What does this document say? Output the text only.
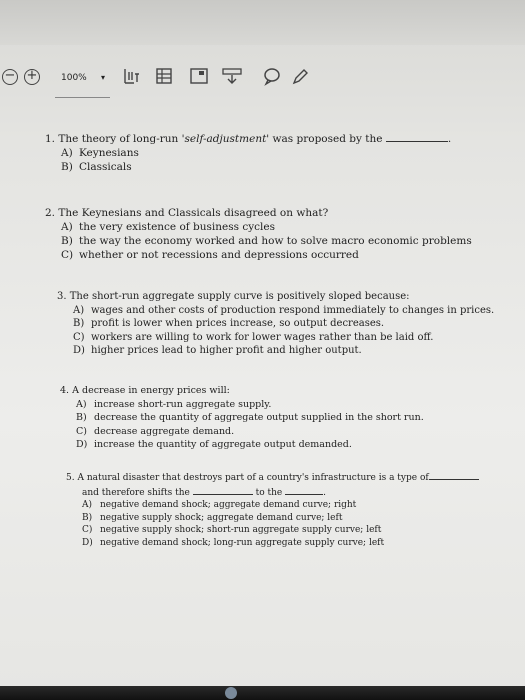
− +	100% ▾
1. The theory of long-run 'self-adjustment' was proposed by the	.
A) Keynesians
B) Classicals
2. The Keynesians and Classicals disagreed on what?
A) the very existence of business cycles
B) the way the economy worked and how to solve macro economic problems
C) whether or not recessions and depressions occurred
3. The short-run aggregate supply curve is positively sloped because:
A) wages and other costs of production respond immediately to changes in prices.
B) profit is lower when prices increase, so output decreases.
C) workers are willing to work for lower wages rather than be laid off.
D) higher prices lead to higher profit and higher output.
4. A decrease in energy prices will:
A) increase short-run aggregate supply.
B) decrease the quantity of aggregate output supplied in the short run.
C) decrease aggregate demand.
D) increase the quantity of aggregate output demanded.
5. A natural disaster that destroys part of a country's infrastructure is a type of
and therefore shifts the	to the	.
A) negative demand shock; aggregate demand curve; right
B) negative supply shock; aggregate demand curve; left
C) negative supply shock; short-run aggregate supply curve; left
D) negative demand shock; long-run aggregate supply curve; left
